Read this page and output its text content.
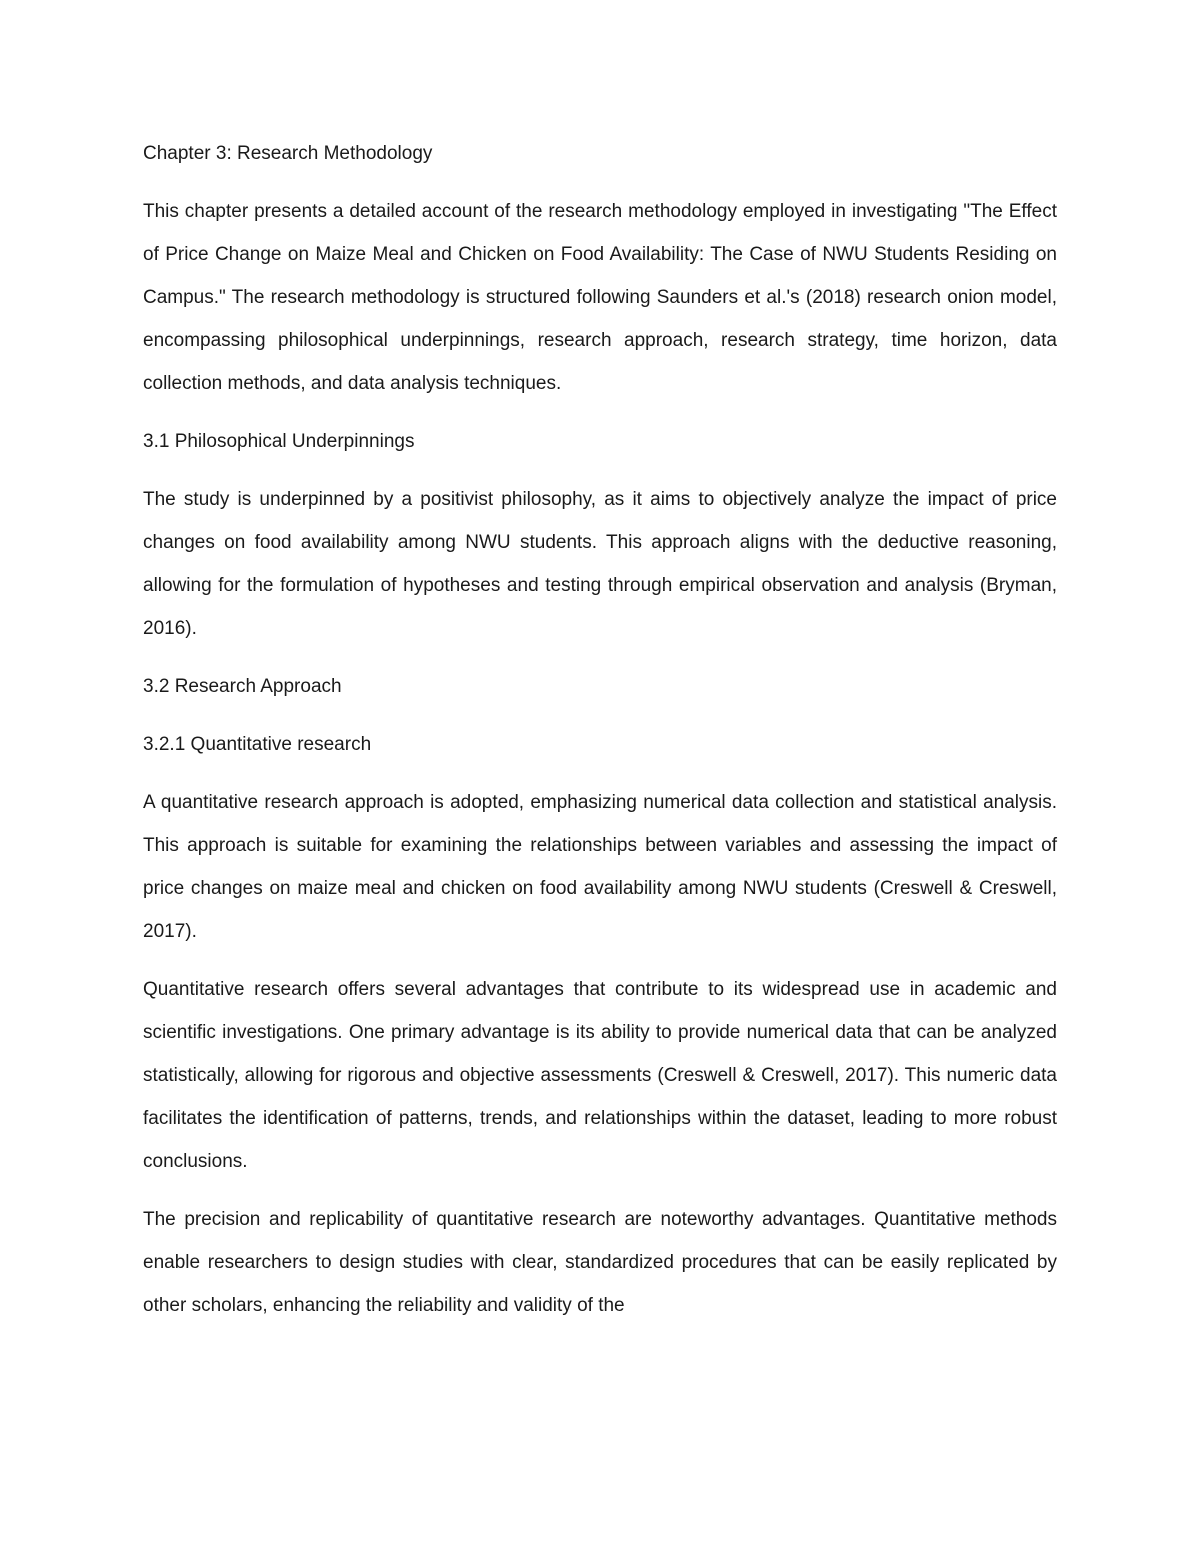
Chapter 3: Research Methodology

This chapter presents a detailed account of the research methodology employed in investigating "The Effect of Price Change on Maize Meal and Chicken on Food Availability: The Case of NWU Students Residing on Campus." The research methodology is structured following Saunders et al.'s (2018) research onion model, encompassing philosophical underpinnings, research approach, research strategy, time horizon, data collection methods, and data analysis techniques.

3.1 Philosophical Underpinnings

The study is underpinned by a positivist philosophy, as it aims to objectively analyze the impact of price changes on food availability among NWU students. This approach aligns with the deductive reasoning, allowing for the formulation of hypotheses and testing through empirical observation and analysis (Bryman, 2016).

3.2 Research Approach

3.2.1 Quantitative research

A quantitative research approach is adopted, emphasizing numerical data collection and statistical analysis. This approach is suitable for examining the relationships between variables and assessing the impact of price changes on maize meal and chicken on food availability among NWU students (Creswell & Creswell, 2017).

Quantitative research offers several advantages that contribute to its widespread use in academic and scientific investigations. One primary advantage is its ability to provide numerical data that can be analyzed statistically, allowing for rigorous and objective assessments (Creswell & Creswell, 2017). This numeric data facilitates the identification of patterns, trends, and relationships within the dataset, leading to more robust conclusions.

The precision and replicability of quantitative research are noteworthy advantages. Quantitative methods enable researchers to design studies with clear, standardized procedures that can be easily replicated by other scholars, enhancing the reliability and validity of the
